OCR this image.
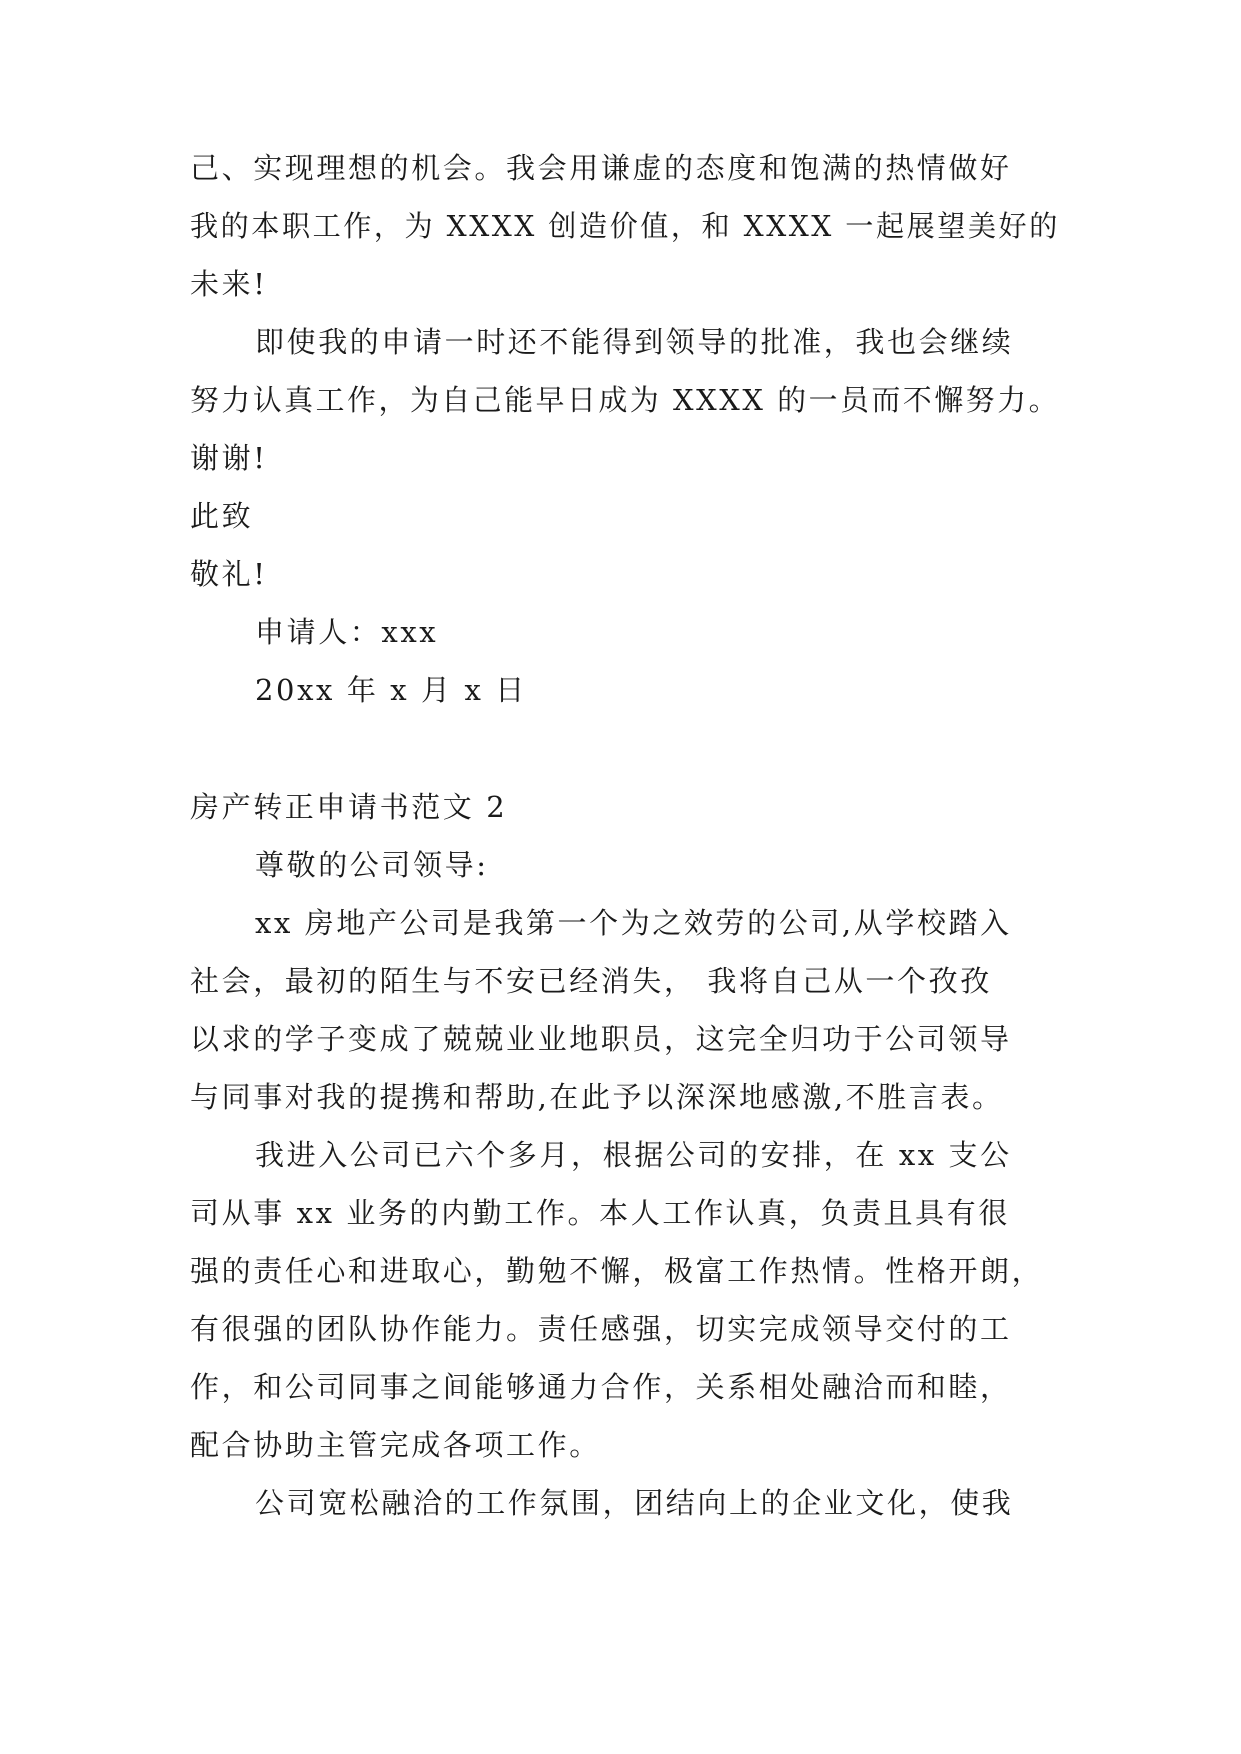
己、实现理想的机会。我会用谦虚的态度和饱满的热情做好
我的本职工作，为 XXXX 创造价值，和 XXXX 一起展望美好的
未来!
即使我的申请一时还不能得到领导的批准，我也会继续
努力认真工作，为自己能早日成为 XXXX 的一员而不懈努力。
谢谢!
此致
敬礼!
申请人：xxx
20xx 年 x 月 x 日
房产转正申请书范文 2
尊敬的公司领导:
xx 房地产公司是我第一个为之效劳的公司,从学校踏入
社会，最初的陌生与不安已经消失， 我将自己从一个孜孜
以求的学子变成了兢兢业业地职员，这完全归功于公司领导
与同事对我的提携和帮助,在此予以深深地感激,不胜言表。
我进入公司已六个多月，根据公司的安排，在 xx 支公
司从事 xx 业务的内勤工作。本人工作认真，负责且具有很
强的责任心和进取心，勤勉不懈，极富工作热情。性格开朗，
有很强的团队协作能力。责任感强，切实完成领导交付的工
作，和公司同事之间能够通力合作，关系相处融洽而和睦，
配合协助主管完成各项工作。
公司宽松融洽的工作氛围，团结向上的企业文化，使我
